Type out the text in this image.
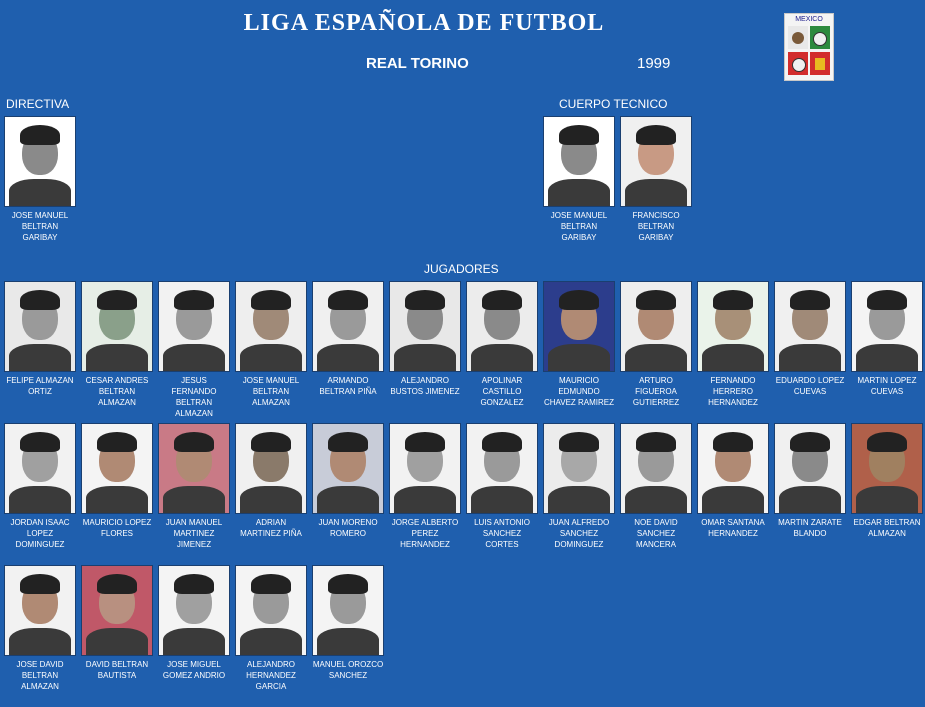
LIGA ESPAÑOLA DE FUTBOL
REAL TORINO	1999
MEXICO
DIRECTIVA	CUERPO TECNICO
JUGADORES
JOSE MANUEL BELTRAN GARIBAY
JOSE MANUEL BELTRAN GARIBAY
FRANCISCO BELTRAN GARIBAY
FELIPE ALMAZAN ORTIZ
CESAR ANDRES BELTRAN ALMAZAN
JESUS FERNANDO BELTRAN ALMAZAN
JOSE MANUEL BELTRAN ALMAZAN
ARMANDO BELTRAN PIÑA
ALEJANDRO BUSTOS JIMENEZ
APOLINAR CASTILLO GONZALEZ
MAURICIO EDMUNDO CHAVEZ RAMIREZ
ARTURO FIGUEROA GUTIERREZ
FERNANDO HERRERO HERNANDEZ
EDUARDO LOPEZ CUEVAS
MARTIN LOPEZ CUEVAS
JORDAN ISAAC LOPEZ DOMINGUEZ
MAURICIO LOPEZ FLORES
JUAN MANUEL MARTINEZ JIMENEZ
ADRIAN MARTINEZ PIÑA
JUAN MORENO ROMERO
JORGE ALBERTO PEREZ HERNANDEZ
LUIS ANTONIO SANCHEZ CORTES
JUAN ALFREDO SANCHEZ DOMINGUEZ
NOE DAVID SANCHEZ MANCERA
OMAR SANTANA HERNANDEZ
MARTIN ZARATE BLANDO
EDGAR BELTRAN ALMAZAN
JOSE DAVID BELTRAN ALMAZAN
DAVID BELTRAN BAUTISTA
JOSE MIGUEL GOMEZ ANDRIO
ALEJANDRO HERNANDEZ GARCIA
MANUEL OROZCO SANCHEZ
